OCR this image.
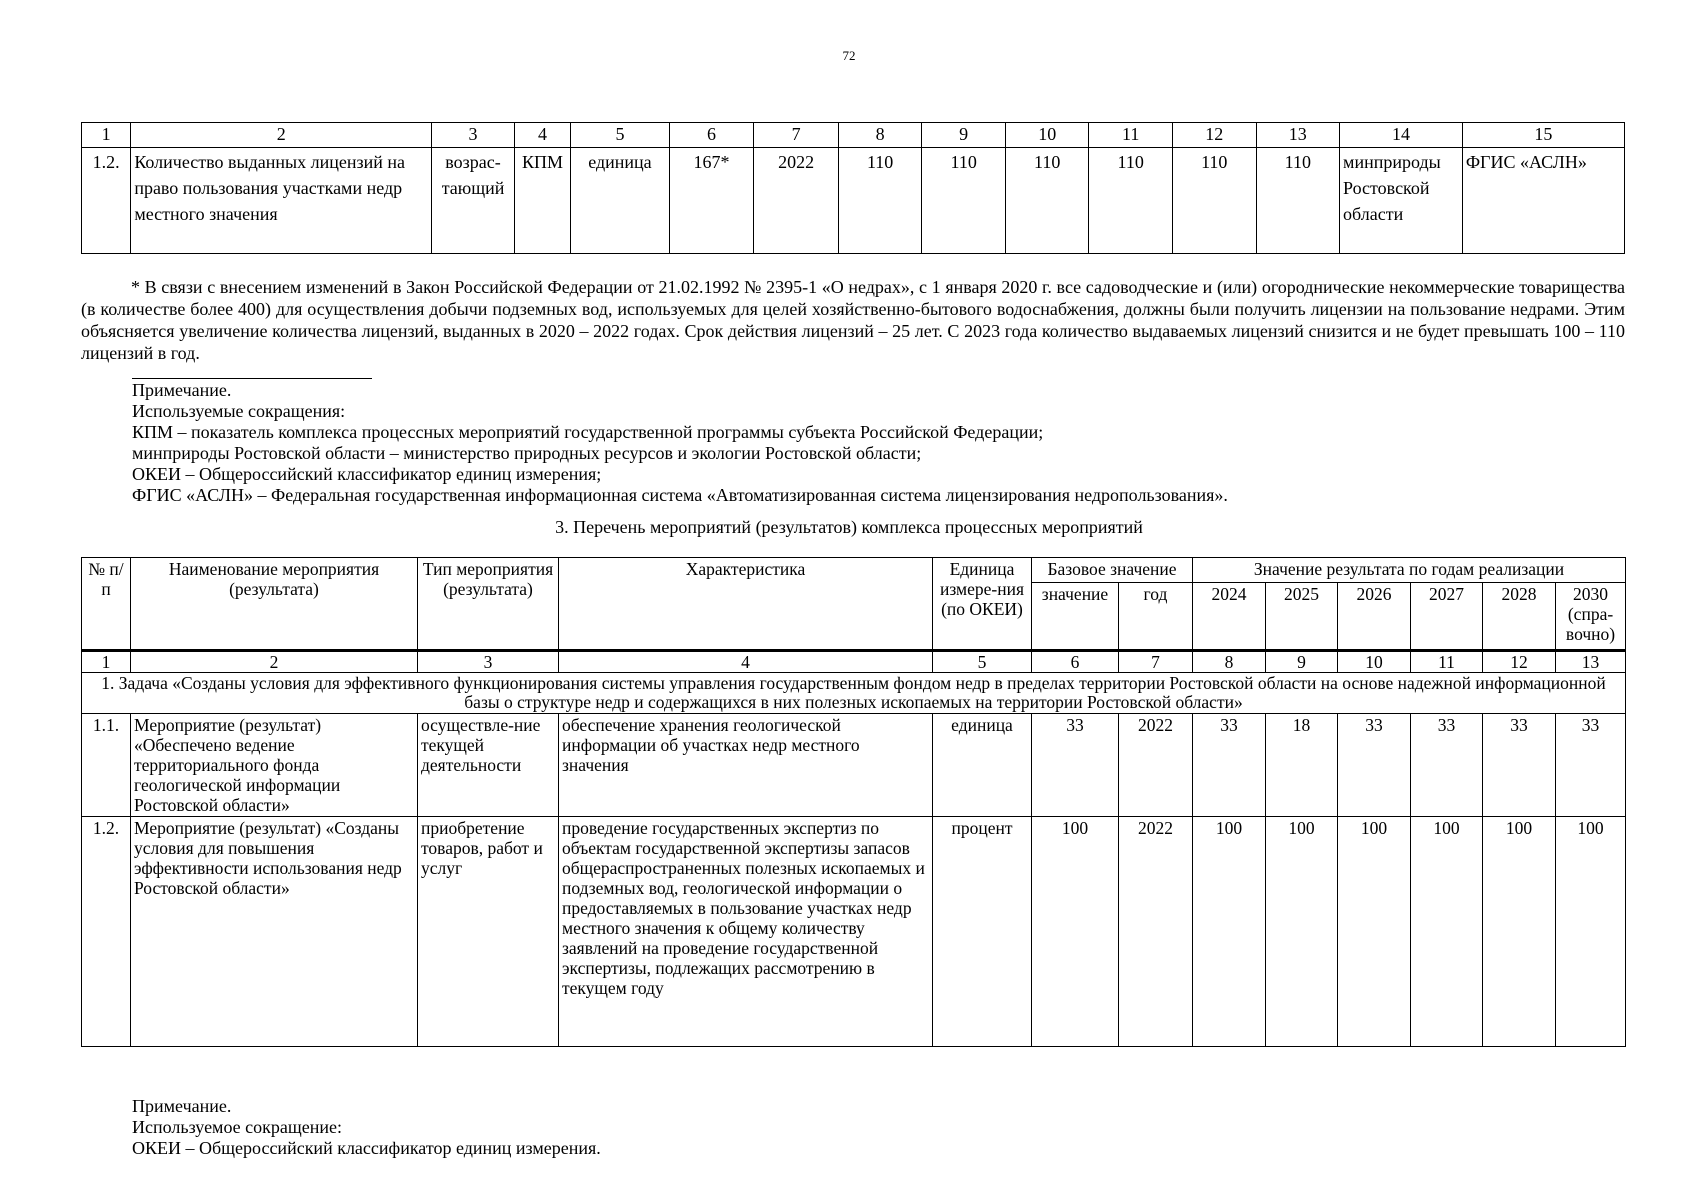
72
1	2	3	4	5	6	7	8	9	10	11	12	13	14	15
1.2.	Количество выданных лицензий на право пользования участками недр местного значения	возрас-тающий	КПМ	единица	167*	2022	110	110	110	110	110	110	минприроды Ростовской области	ФГИС «АСЛН»
* В связи с внесением изменений в Закон Российской Федерации от 21.02.1992 № 2395-1 «О недрах», с 1 января 2020 г. все садоводческие и (или) огороднические некоммерческие товарищества (в количестве более 400) для осуществления добычи подземных вод, используемых для целей хозяйственно-бытового водоснабжения, должны были получить лицензии на пользование недрами. Этим объясняется увеличение количества лицензий, выданных в 2020 – 2022 годах. Срок действия лицензий – 25 лет. С 2023 года количество выдаваемых лицензий снизится и не будет превышать 100 – 110 лицензий в год.
Примечание.
Используемые сокращения:
КПМ – показатель комплекса процессных мероприятий государственной программы субъекта Российской Федерации;
минприроды Ростовской области – министерство природных ресурсов и экологии Ростовской области;
ОКЕИ – Общероссийский классификатор единиц измерения;
ФГИС «АСЛН» – Федеральная государственная информационная система «Автоматизированная система лицензирования недропользования».
3. Перечень мероприятий (результатов) комплекса процессных мероприятий
№ п/п	Наименование мероприятия (результата)	Тип мероприятия (результата)	Характеристика	Единица измере-ния (по ОКЕИ)	Базовое значение		Значение результата по годам реализации					
					значение	год	2024	2025	2026	2027	2028	2030 (спра-вочно)
1	2	3	4	5	6	7	8	9	10	11	12	13
1. Задача «Созданы условия для эффективного функционирования системы управления государственным фондом недр в пределах территории Ростовской области на основе надежной информационной базы о структуре недр и содержащихся в них полезных ископаемых на территории Ростовской области»												
1.1.	Мероприятие (результат) «Обеспечено ведение территориального фонда геологической информации Ростовской области»	осуществле-ние текущей деятельности	обеспечение хранения геологической информации об участках недр местного значения	единица	33	2022	33	18	33	33	33	33
1.2.	Мероприятие (результат) «Созданы условия для повышения эффективности использования недр Ростовской области»	приобретение товаров, работ и услуг	проведение государственных экспертиз по объектам государственной экспертизы запасов общераспространенных полезных ископаемых и подземных вод, геологической информации о предоставляемых в пользование участках недр местного значения к общему количеству заявлений на проведение государственной экспертизы, подлежащих рассмотрению в текущем году	процент	100	2022	100	100	100	100	100	100
Примечание.
Используемое сокращение:
ОКЕИ – Общероссийский классификатор единиц измерения.
